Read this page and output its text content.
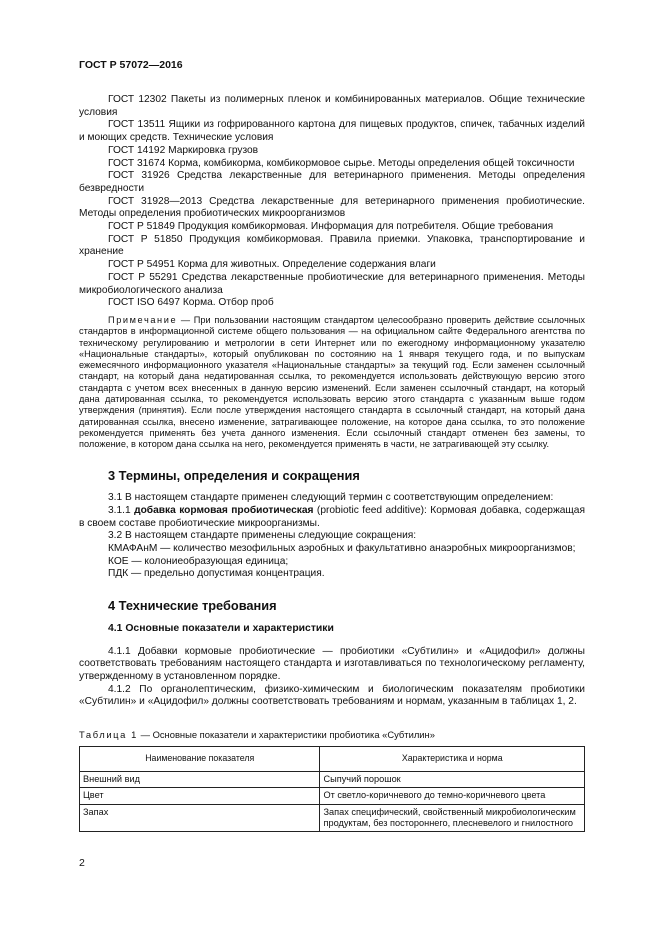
ГОСТ Р 57072—2016
ГОСТ 12302 Пакеты из полимерных пленок и комбинированных материалов. Общие технические условия
ГОСТ 13511 Ящики из гофрированного картона для пищевых продуктов, спичек, табачных изделий и моющих средств. Технические условия
ГОСТ 14192 Маркировка грузов
ГОСТ 31674 Корма, комбикорма, комбикормовое сырье. Методы определения общей токсичности
ГОСТ 31926 Средства лекарственные для ветеринарного применения. Методы определения безвредности
ГОСТ 31928—2013 Средства лекарственные для ветеринарного применения пробиотические. Методы определения пробиотических микроорганизмов
ГОСТ Р 51849 Продукция комбикормовая. Информация для потребителя. Общие требования
ГОСТ Р 51850 Продукция комбикормовая. Правила приемки. Упаковка, транспортирование и хранение
ГОСТ Р 54951 Корма для животных. Определение содержания влаги
ГОСТ Р 55291 Средства лекарственные пробиотические для ветеринарного применения. Методы микробиологического анализа
ГОСТ ISO 6497 Корма. Отбор проб
Примечание — При пользовании настоящим стандартом целесообразно проверить действие ссылочных стандартов в информационной системе общего пользования — на официальном сайте Федерального агентства по техническому регулированию и метрологии в сети Интернет или по ежегодному информационному указателю «Национальные стандарты», который опубликован по состоянию на 1 января текущего года, и по выпускам ежемесячного информационного указателя «Национальные стандарты» за текущий год. Если заменен ссылочный стандарт, на который дана недатированная ссылка, то рекомендуется использовать действующую версию этого стандарта с учетом всех внесенных в данную версию изменений. Если заменен ссылочный стандарт, на который дана датированная ссылка, то рекомендуется использовать версию этого стандарта с указанным выше годом утверждения (принятия). Если после утверждения настоящего стандарта в ссылочный стандарт, на который дана датированная ссылка, внесено изменение, затрагивающее положение, на которое дана ссылка, то это положение рекомендуется применять без учета данного изменения. Если ссылочный стандарт отменен без замены, то положение, в котором дана ссылка на него, рекомендуется применять в части, не затрагивающей эту ссылку.
3 Термины, определения и сокращения
3.1 В настоящем стандарте применен следующий термин с соответствующим определением:
3.1.1 добавка кормовая пробиотическая (probiotic feed additive): Кормовая добавка, содержащая в своем составе пробиотические микроорганизмы.
3.2 В настоящем стандарте применены следующие сокращения:
КМАФАнМ — количество мезофильных аэробных и факультативно анаэробных микроорганизмов;
КОЕ — колониеобразующая единица;
ПДК — предельно допустимая концентрация.
4 Технические требования
4.1 Основные показатели и характеристики
4.1.1 Добавки кормовые пробиотические — пробиотики «Субтилин» и «Ацидофил» должны соответствовать требованиям настоящего стандарта и изготавливаться по технологическому регламенту, утвержденному в установленном порядке.
4.1.2 По органолептическим, физико-химическим и биологическим показателям пробиотики «Субтилин» и «Ацидофил» должны соответствовать требованиям и нормам, указанным в таблицах 1, 2.
Таблица 1 — Основные показатели и характеристики пробиотика «Субтилин»
Наименование показателя	Характеристика и норма
Внешний вид	Сыпучий порошок
Цвет	От светло-коричневого до темно-коричневого цвета
Запах	Запах специфический, свойственный микробиологическим продуктам, без постороннего, плесневелого и гнилостного
2
